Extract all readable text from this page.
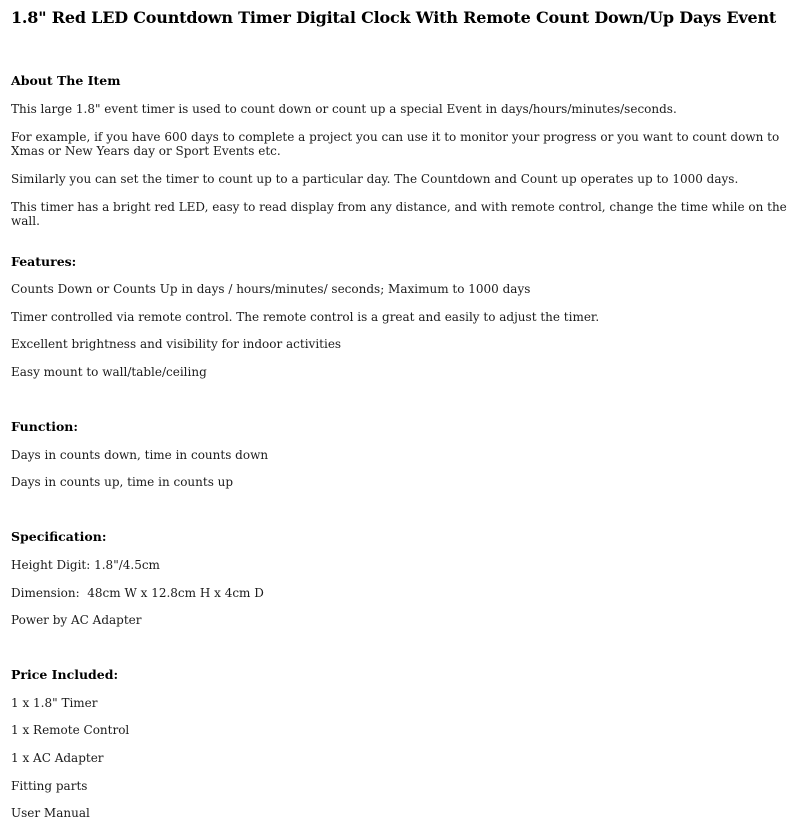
1.8" Red LED Countdown Timer Digital Clock With Remote Count Down/Up Days Event
About The Item

This large 1.8" event timer is used to count down or count up a special Event in days/hours/minutes/seconds.

For example, if you have 600 days to complete a project you can use it to monitor your progress or you want to count down to Xmas or New Years day or Sport Events etc.

Similarly you can set the timer to count up to a particular day. The Countdown and Count up operates up to 1000 days.

This timer has a bright red LED, easy to read display from any distance, and with remote control, change the time while on the wall.

Features:

Counts Down or Counts Up in days / hours/minutes/ seconds; Maximum to 1000 days

Timer controlled via remote control. The remote control is a great and easily to adjust the timer.

Excellent brightness and visibility for indoor activities

Easy mount to wall/table/ceiling

Function:

Days in counts down, time in counts down

Days in counts up, time in counts up

Specification:

Height Digit: 1.8"/4.5cm

Dimension:  48cm W x 12.8cm H x 4cm D

Power by AC Adapter

Price Included:

1 x 1.8" Timer

1 x Remote Control

1 x AC Adapter

Fitting parts

User Manual
